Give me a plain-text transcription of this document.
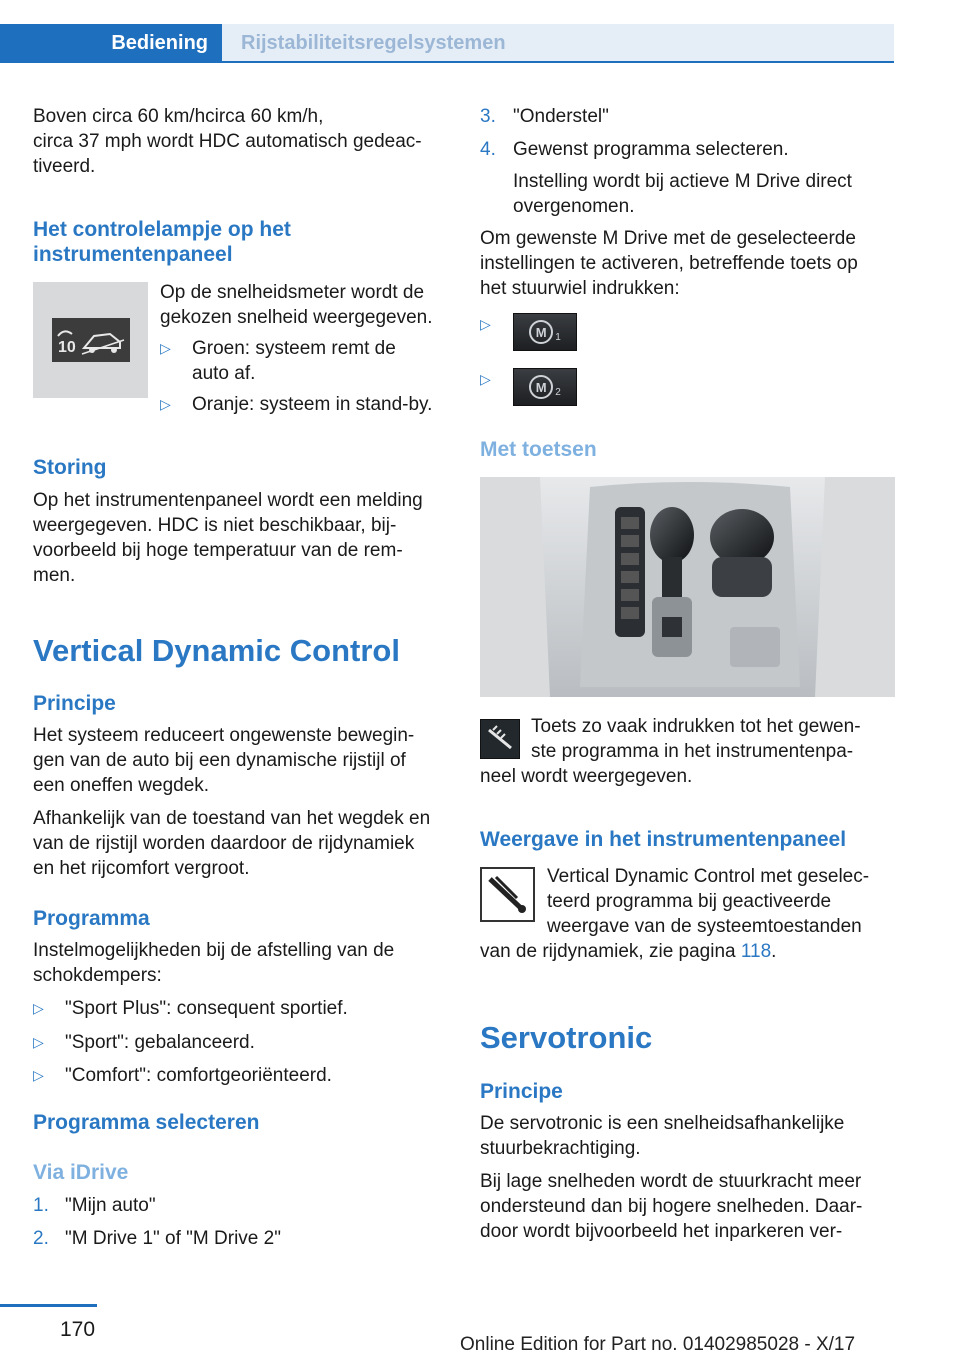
Bediening	Rijstabiliteitsregelsystemen
Boven circa 60 km/hcirca 60 km/h,
circa 37 mph wordt HDC automatisch gedeac-
tiveerd.
Het controlelampje op het
instrumentenpaneel
10
Op de snelheidsmeter wordt de
gekozen snelheid weergegeven.
▷ Groen: systeem remt de
auto af.
▷ Oranje: systeem in stand-by.
Storing
Op het instrumentenpaneel wordt een melding
weergegeven. HDC is niet beschikbaar, bij-
voorbeeld bij hoge temperatuur van de rem-
men.
Vertical Dynamic Control
Principe
Het systeem reduceert ongewenste bewegin-
gen van de auto bij een dynamische rijstijl of
een oneffen wegdek.
Afhankelijk van de toestand van het wegdek en
van de rijstijl worden daardoor de rijdynamiek
en het rijcomfort vergroot.
Programma
Instelmogelijkheden bij de afstelling van de
schokdempers:
▷ "Sport Plus": consequent sportief.
▷ "Sport": gebalanceerd.
▷ "Comfort": comfortgeoriënteerd.
Programma selecteren
Via iDrive
1. "Mijn auto"
2. "M Drive 1" of "M Drive 2"
3. "Onderstel"
4. Gewenst programma selecteren.
Instelling wordt bij actieve M Drive direct
overgenomen.
Om gewenste M Drive met de geselecteerde
instellingen te activeren, betreffende toets op
het stuurwiel indrukken:
▷	M 1
▷	M 2
Met toetsen
Toets zo vaak indrukken tot het gewen-
ste programma in het instrumentenpa-
neel wordt weergegeven.
Weergave in het instrumentenpaneel
Vertical Dynamic Control met geselec-
teerd programma bij geactiveerde
weergave van de systeemtoestanden
van de rijdynamiek, zie pagina 118.
Servotronic
Principe
De servotronic is een snelheidsafhankelijke
stuurbekrachtiging.
Bij lage snelheden wordt de stuurkracht meer
ondersteund dan bij hogere snelheden. Daar-
door wordt bijvoorbeeld het inparkeren ver-
170
Online Edition for Part no. 01402985028 - X/17
